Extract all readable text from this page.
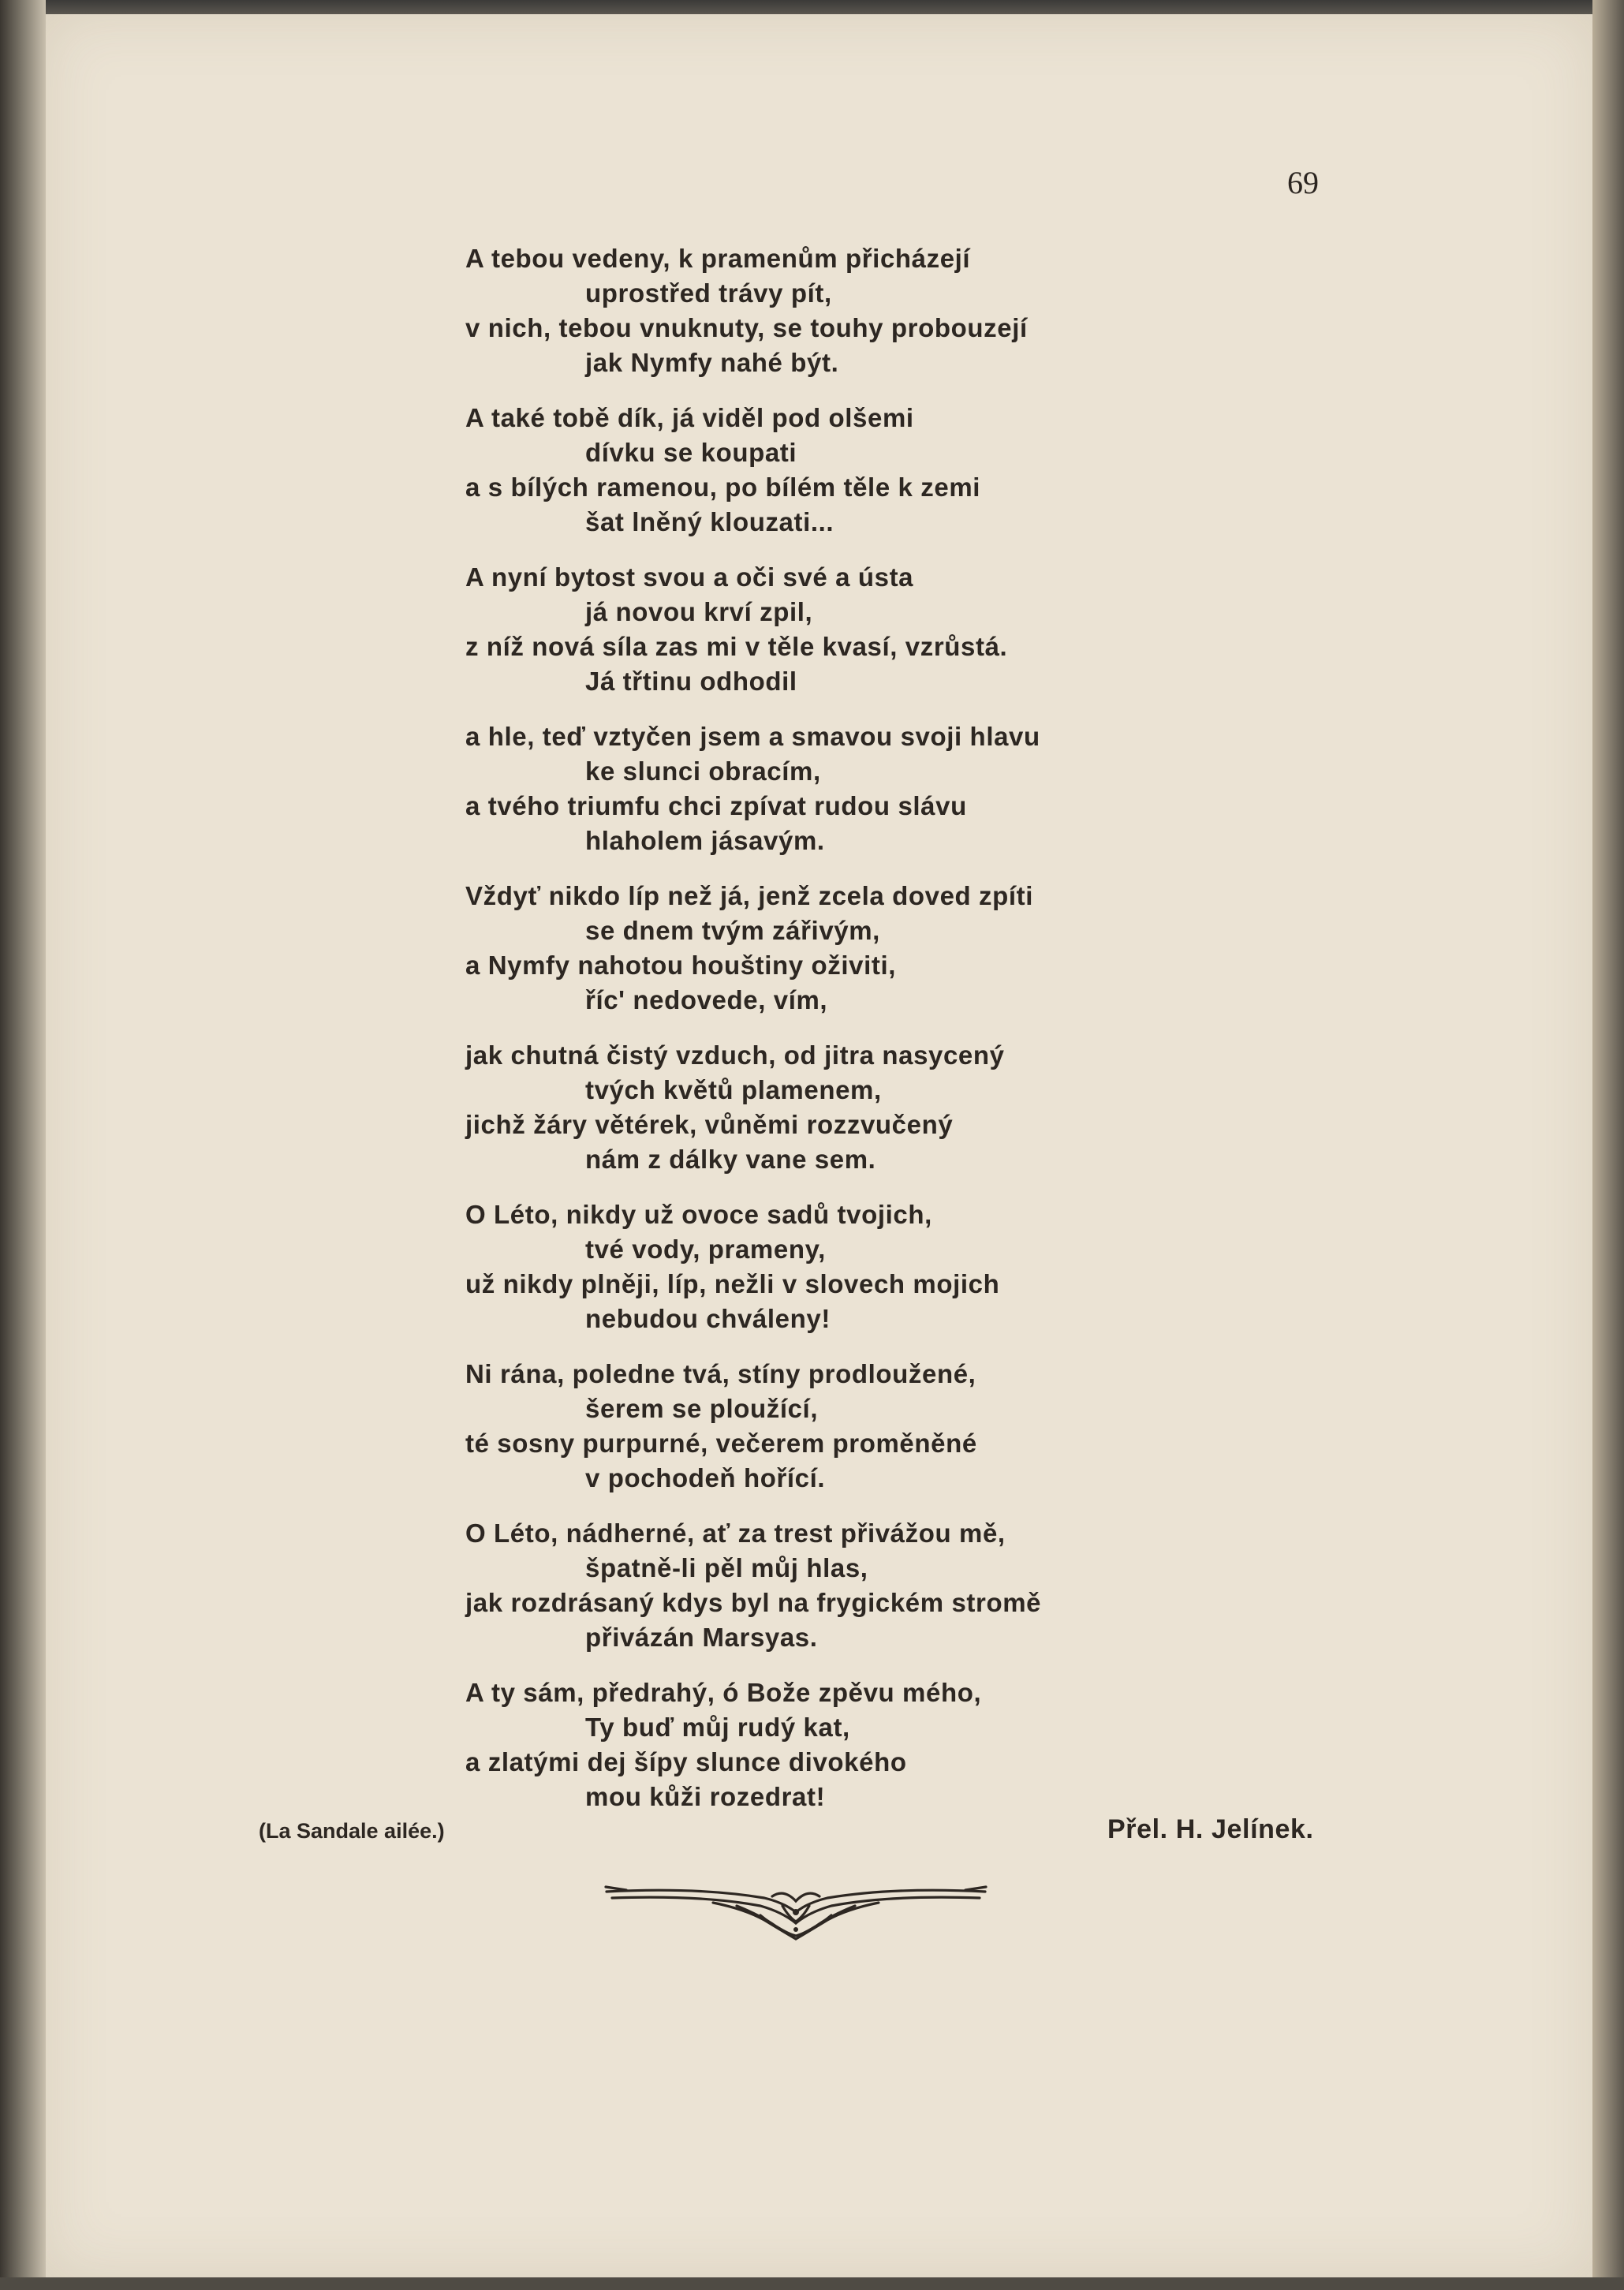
69
A tebou vedeny, k pramenům přicházejí
uprostřed trávy pít,
v nich, tebou vnuknuty, se touhy probouzejí
jak Nymfy nahé být.
A také tobě dík, já viděl pod olšemi
dívku se koupati
a s bílých ramenou, po bílém těle k zemi
šat lněný klouzati...
A nyní bytost svou a oči své a ústa
já novou krví zpil,
z níž nová síla zas mi v těle kvasí, vzrůstá.
Já třtinu odhodil
a hle, teď vztyčen jsem a smavou svoji hlavu
ke slunci obracím,
a tvého triumfu chci zpívat rudou slávu
hlaholem jásavým.
Vždyť nikdo líp než já, jenž zcela doved zpíti
se dnem tvým zářivým,
a Nymfy nahotou houštiny oživiti,
říc' nedovede, vím,
jak chutná čistý vzduch, od jitra nasycený
tvých květů plamenem,
jichž žáry větérek, vůněmi rozzvučený
nám z dálky vane sem.
O Léto, nikdy už ovoce sadů tvojich,
tvé vody, prameny,
už nikdy plněji, líp, nežli v slovech mojich
nebudou chváleny!
Ni rána, poledne tvá, stíny prodloužené,
šerem se ploužící,
té sosny purpurné, večerem proměněné
v pochodeň hořící.
O Léto, nádherné, ať za trest přivážou mě,
špatně-li pěl můj hlas,
jak rozdrásaný kdys byl na frygickém stromě
přivázán Marsyas.
A ty sám, předrahý, ó Bože zpěvu mého,
Ty buď můj rudý kat,
a zlatými dej šípy slunce divokého
mou kůži rozedrat!
(La Sandale ailée.)	Přel. H. Jelínek.
